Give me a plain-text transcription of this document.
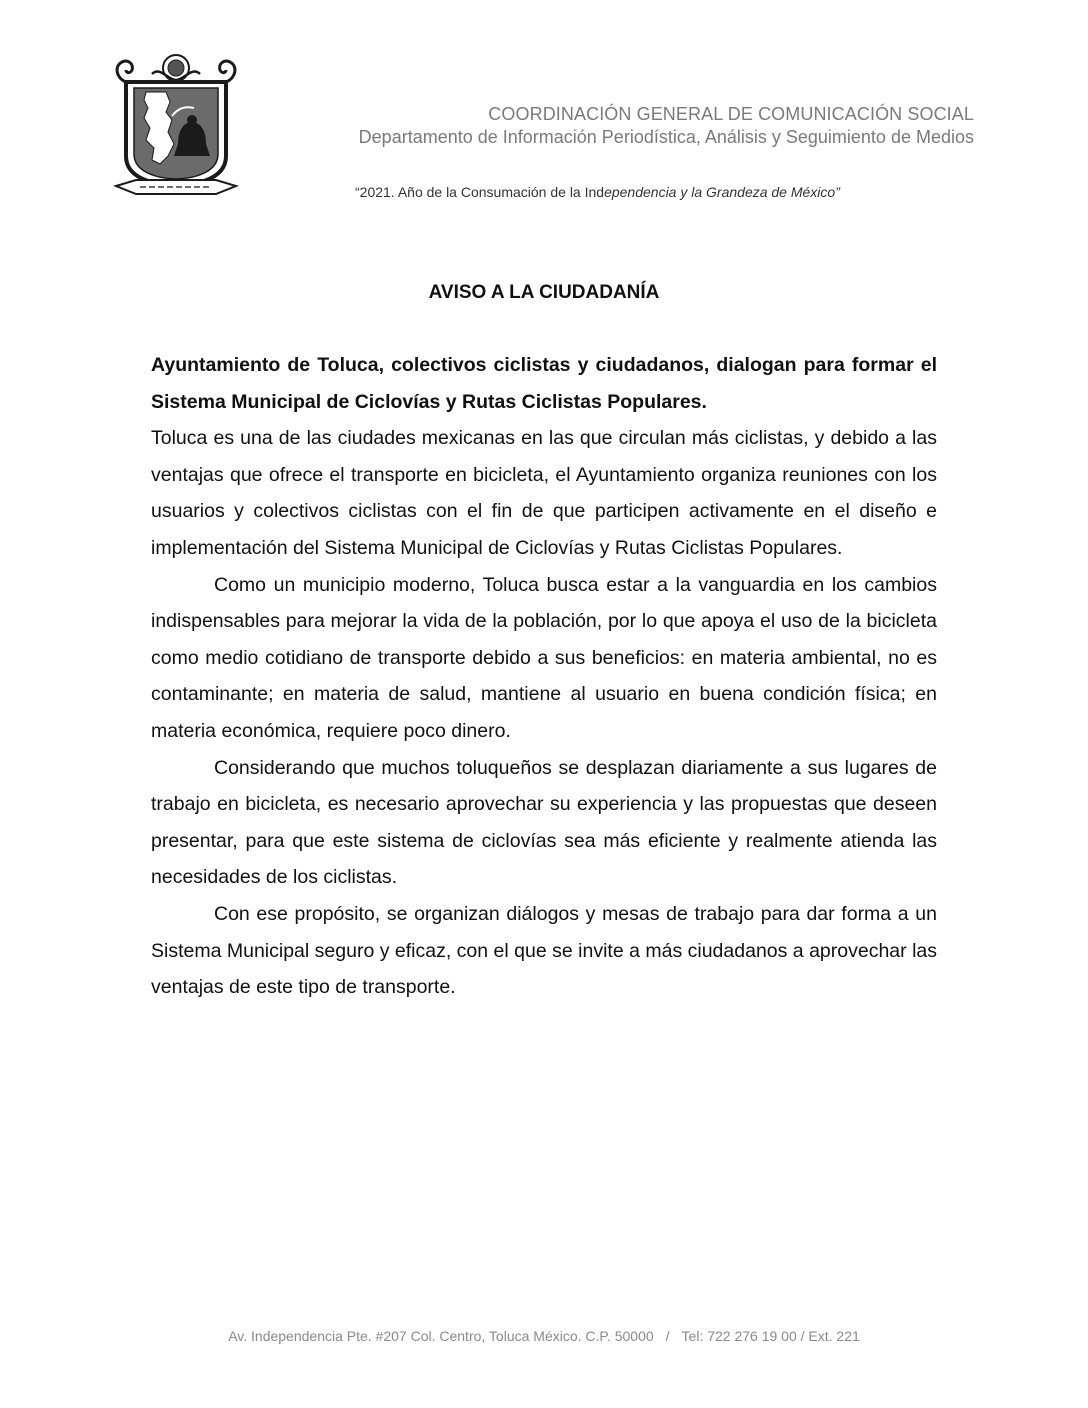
COORDINACIÓN GENERAL DE COMUNICACIÓN SOCIAL
Departamento de Información Periodística, Análisis y Seguimiento de Medios
“2021. Año de la Consumación de la Independencia y la Grandeza de México”
AVISO A LA CIUDADANÍA

Ayuntamiento de Toluca, colectivos ciclistas y ciudadanos, dialogan para formar el Sistema Municipal de Ciclovías y Rutas Ciclistas Populares.

Toluca es una de las ciudades mexicanas en las que circulan más ciclistas, y debido a las ventajas que ofrece el transporte en bicicleta, el Ayuntamiento organiza reuniones con los usuarios y colectivos ciclistas con el fin de que participen activamente en el diseño e implementación del Sistema Municipal de Ciclovías y Rutas Ciclistas Populares.

Como un municipio moderno, Toluca busca estar a la vanguardia en los cambios indispensables para mejorar la vida de la población, por lo que apoya el uso de la bicicleta como medio cotidiano de transporte debido a sus beneficios: en materia ambiental, no es contaminante; en materia de salud, mantiene al usuario en buena condición física; en materia económica, requiere poco dinero.

Considerando que muchos toluqueños se desplazan diariamente a sus lugares de trabajo en bicicleta, es necesario aprovechar su experiencia y las propuestas que deseen presentar, para que este sistema de ciclovías sea más eficiente y realmente atienda las necesidades de los ciclistas.

Con ese propósito, se organizan diálogos y mesas de trabajo para dar forma a un Sistema Municipal seguro y eficaz, con el que se invite a más ciudadanos a aprovechar las ventajas de este tipo de transporte.

Av. Independencia Pte. #207 Col. Centro, Toluca México. C.P. 50000 / Tel: 722 276 19 00 / Ext. 221
